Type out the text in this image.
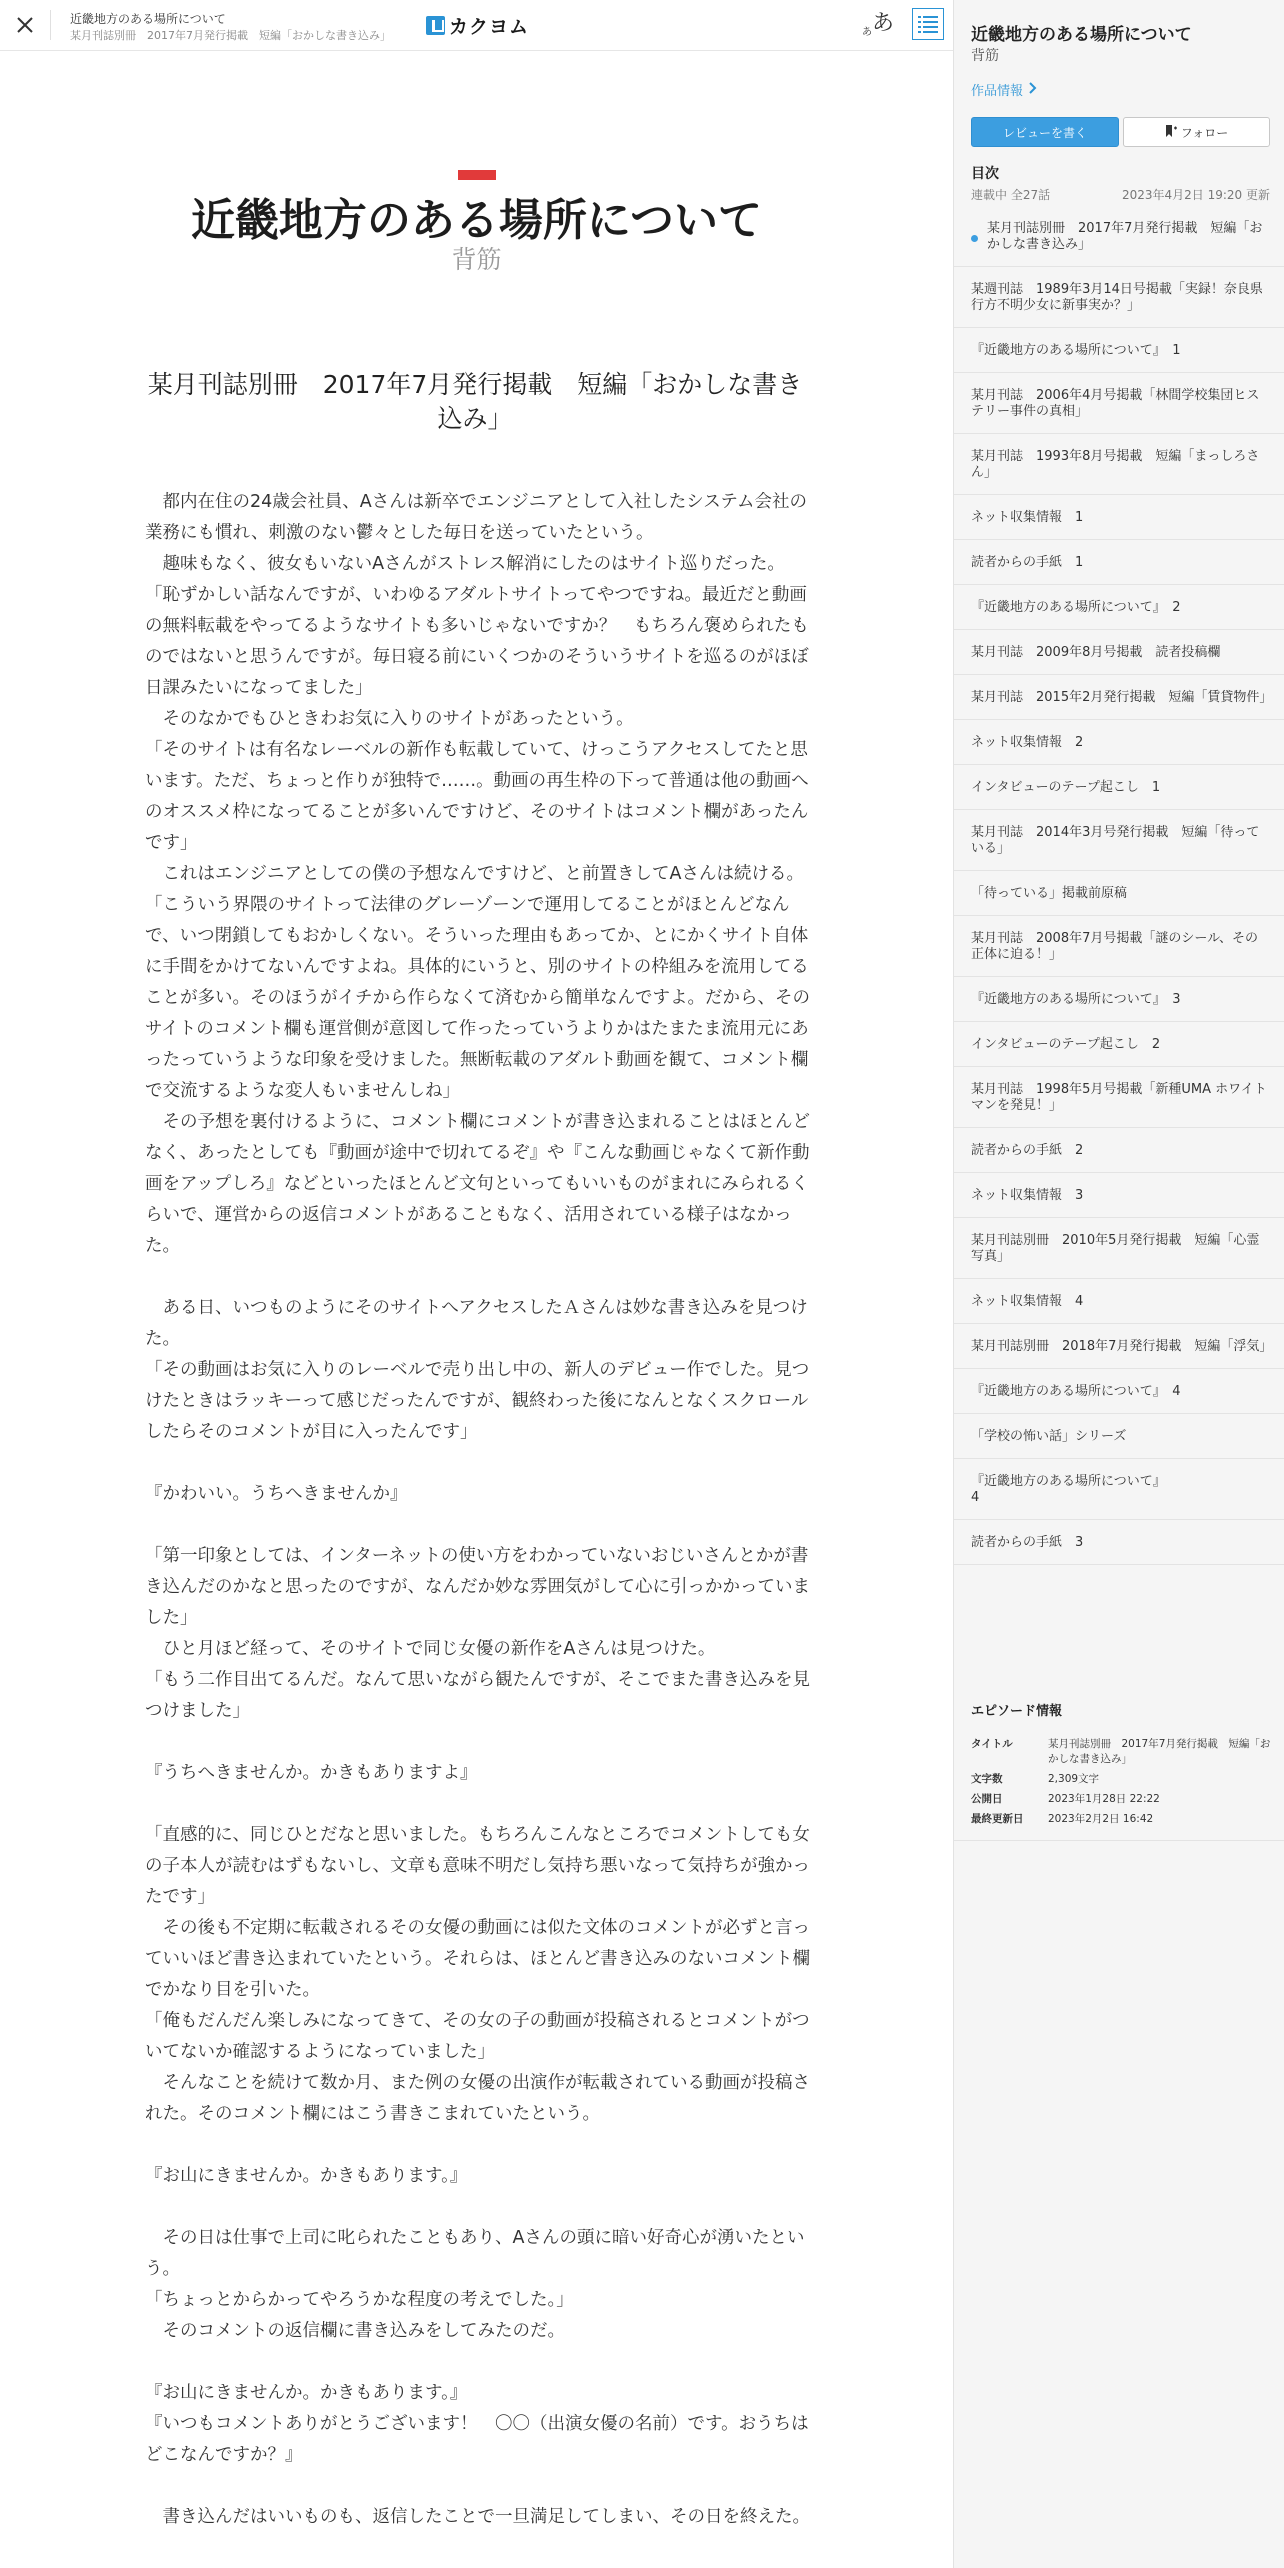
近畿地方のある場所について
某月刊誌別冊　2017年7月発行掲載　短編「おかしな書き込み」	カクヨム	あ あ
近畿地方のある場所について
背筋
某月刊誌別冊　2017年7月発行掲載　短編「おかしな書き込み」

　都内在住の24歳会社員、Aさんは新卒でエンジニアとして入社したシステム会社の業務にも慣れ、刺激のない鬱々とした毎日を送っていたという。

　趣味もなく、彼女もいないAさんがストレス解消にしたのはサイト巡りだった。

「恥ずかしい話なんですが、いわゆるアダルトサイトってやつですね。最近だと動画の無料転載をやってるようなサイトも多いじゃないですか？　もちろん褒められたものではないと思うんですが。毎日寝る前にいくつかのそういうサイトを巡るのがほぼ日課みたいになってました」

　そのなかでもひときわお気に入りのサイトがあったという。

「そのサイトは有名なレーベルの新作も転載していて、けっこうアクセスしてたと思います。ただ、ちょっと作りが独特で……。動画の再生枠の下って普通は他の動画へのオススメ枠になってることが多いんですけど、そのサイトはコメント欄があったんです」

　これはエンジニアとしての僕の予想なんですけど、と前置きしてAさんは続ける。

「こういう界隈のサイトって法律のグレーゾーンで運用してることがほとんどなんで、いつ閉鎖してもおかしくない。そういった理由もあってか、とにかくサイト自体に手間をかけてないんですよね。具体的にいうと、別のサイトの枠組みを流用してることが多い。そのほうがイチから作らなくて済むから簡単なんですよ。だから、そのサイトのコメント欄も運営側が意図して作ったっていうよりかはたまたま流用元にあったっていうような印象を受けました。無断転載のアダルト動画を観て、コメント欄で交流するような変人もいませんしね」

　その予想を裏付けるように、コメント欄にコメントが書き込まれることはほとんどなく、あったとしても『動画が途中で切れてるぞ』や『こんな動画じゃなくて新作動画をアップしろ』などといったほとんど文句といってもいいものがまれにみられるくらいで、運営からの返信コメントがあることもなく、活用されている様子はなかった。

　ある日、いつものようにそのサイトへアクセスしたＡさんは妙な書き込みを見つけた。

「その動画はお気に入りのレーベルで売り出し中の、新人のデビュー作でした。見つけたときはラッキーって感じだったんですが、観終わった後になんとなくスクロールしたらそのコメントが目に入ったんです」

『かわいい。うちへきませんか』

「第一印象としては、インターネットの使い方をわかっていないおじいさんとかが書き込んだのかなと思ったのですが、なんだか妙な雰囲気がして心に引っかかっていました」

　ひと月ほど経って、そのサイトで同じ女優の新作をAさんは見つけた。

「もう二作目出てるんだ。なんて思いながら観たんですが、そこでまた書き込みを見つけました」

『うちへきませんか。かきもありますよ』

「直感的に、同じひとだなと思いました。もちろんこんなところでコメントしても女の子本人が読むはずもないし、文章も意味不明だし気持ち悪いなって気持ちが強かったです」

　その後も不定期に転載されるその女優の動画には似た文体のコメントが必ずと言っていいほど書き込まれていたという。それらは、ほとんど書き込みのないコメント欄でかなり目を引いた。

「俺もだんだん楽しみになってきて、その女の子の動画が投稿されるとコメントがついてないか確認するようになっていました」

　そんなことを続けて数か月、また例の女優の出演作が転載されている動画が投稿された。そのコメント欄にはこう書きこまれていたという。

『お山にきませんか。かきもあります。』

　その日は仕事で上司に叱られたこともあり、Aさんの頭に暗い好奇心が湧いたという。

「ちょっとからかってやろうかな程度の考えでした。」

　そのコメントの返信欄に書き込みをしてみたのだ。

『お山にきませんか。かきもあります。』

『いつもコメントありがとうございます！　〇〇（出演女優の名前）です。おうちはどこなんですか？』

　書き込んだはいいものも、返信したことで一旦満足してしまい、その日を終えた。

近畿地方のある場所について
背筋
作品情報
レビューを書く	フォロー
目次
連載中 全27話	2023年4月2日 19:20 更新
某月刊誌別冊　2017年7月発行掲載　短編「おかしな書き込み」
某週刊誌　1989年3月14日号掲載「実録！奈良県行方不明少女に新事実か？」
『近畿地方のある場所について』　1
某月刊誌　2006年4月号掲載「林間学校集団ヒステリー事件の真相」
某月刊誌　1993年8月号掲載　短編「まっしろさん」
ネット収集情報　1
読者からの手紙　1
『近畿地方のある場所について』　2
某月刊誌　2009年8月号掲載　読者投稿欄
某月刊誌　2015年2月発行掲載　短編「賃貸物件」
ネット収集情報　2
インタビューのテープ起こし　1
某月刊誌　2014年3月号発行掲載　短編「待っている」
「待っている」掲載前原稿
某月刊誌　2008年7月号掲載「謎のシール、その正体に迫る！」
『近畿地方のある場所について』　3
インタビューのテープ起こし　2
某月刊誌　1998年5月号掲載「新種UMA ホワイトマンを発見！」
読者からの手紙　2
ネット収集情報　3
某月刊誌別冊　2010年5月発行掲載　短編「心霊写真」
ネット収集情報　4
某月刊誌別冊　2018年7月発行掲載　短編「浮気」
『近畿地方のある場所について』　4
「学校の怖い話」シリーズ
『近畿地方のある場所について』
4
読者からの手紙　3
エピソード情報
タイトル	某月刊誌別冊　2017年7月発行掲載　短編「おかしな書き込み」
文字数	2,309文字
公開日	2023年1月28日 22:22
最終更新日	2023年2月2日 16:42
